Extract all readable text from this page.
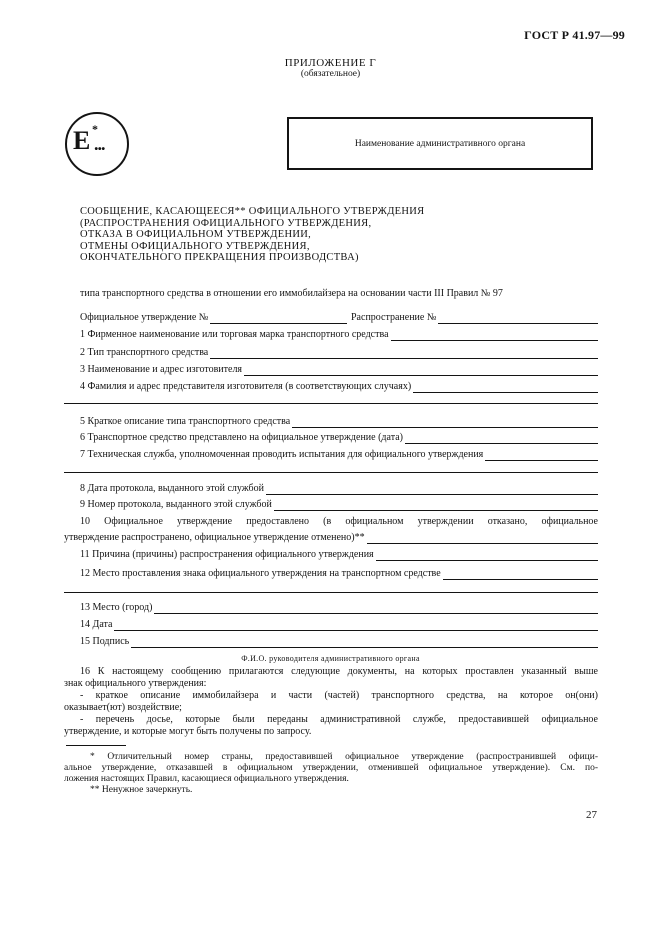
ГОСТ Р 41.97—99
ПРИЛОЖЕНИЕ Г
(обязательное)
E *
...	Наименование административного органа
СООБЩЕНИЕ, КАСАЮЩЕЕСЯ** ОФИЦИАЛЬНОГО УТВЕРЖДЕНИЯ
(РАСПРОСТРАНЕНИЯ ОФИЦИАЛЬНОГО УТВЕРЖДЕНИЯ,
ОТКАЗА В ОФИЦИАЛЬНОМ УТВЕРЖДЕНИИ,
ОТМЕНЫ ОФИЦИАЛЬНОГО УТВЕРЖДЕНИЯ,
ОКОНЧАТЕЛЬНОГО ПРЕКРАЩЕНИЯ ПРОИЗВОДСТВА)
типа транспортного средства в отношении его иммобилайзера на основании части III Правил № 97
Официальное утверждение №	Распространение №
1 Фирменное наименование или торговая марка транспортного средства
2 Тип транспортного средства
3 Наименование и адрес изготовителя
4 Фамилия и адрес представителя изготовителя (в соответствующих случаях)
5 Краткое описание типа транспортного средства
6 Транспортное средство представлено на официальное утверждение (дата)
7 Техническая служба, уполномоченная проводить испытания для официального утверждения
8 Дата протокола, выданного этой службой
9 Номер протокола, выданного этой службой
10 Официальное утверждение предоставлено (в официальном утверждении отказано, официальное
утверждение распространено, официальное утверждение отменено)**
11 Причина (причины) распространения официального утверждения
12 Место проставления знака официального утверждения на транспортном средстве
13 Место (город)
14 Дата
15 Подпись
Ф.И.О. руководителя административного органа
16 К настоящему сообщению прилагаются следующие документы, на которых проставлен указанный выше
знак официального утверждения:
- краткое описание иммобилайзера и части (частей) транспортного средства, на которое он(они)
оказывает(ют) воздействие;
- перечень досье, которые были переданы административной службе, предоставившей официальное
утверждение, и которые могут быть получены по запросу.
* Отличительный номер страны, предоставившей официальное утверждение (распространившей офици-
альное утверждение, отказавшей в официальном утверждении, отменившей официальное утверждение). См. по-
ложения настоящих Правил, касающиеся официального утверждения.
** Ненужное зачеркнуть.
27
